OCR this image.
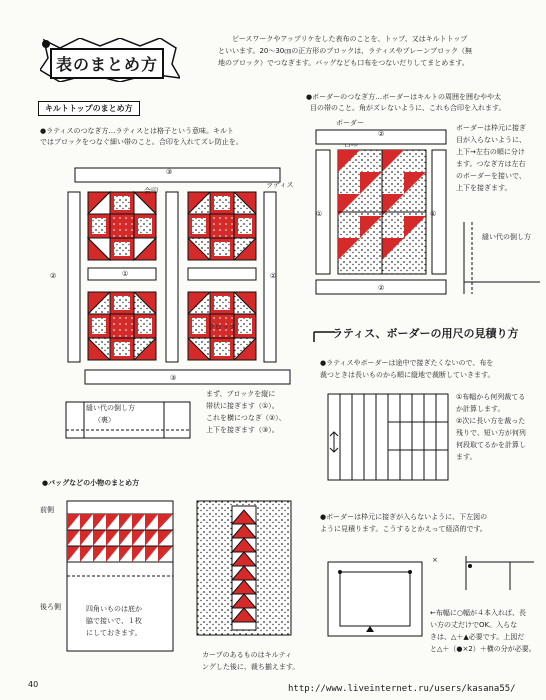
表のまとめ方
ピースワークやアップリケをした表布のことを、トップ、又はキルトトップ
といいます。20～30㎝の正方形のブロックは、ラティスやプレーンブロック（無
地のブロック）でつなぎます。バッグなども口布をつないだりしてまとめます。
キルトトップのまとめ方
●ラティスのつなぎ方…ラティスとは格子という意味。キルト
ではブロックをつなぐ細い帯のこと。合印を入れてズレ防止を。
③
合印
ラティス
②	②
①
ブロック
③
縫い代の倒し方
（裏）
まず、ブロックを縦に
帯状に接ぎます（①）。
これを横につなぎ（②）、
上下を接ぎます（③）。
●バッグなどの小物のまとめ方
前側
後ろ側	四角いものは底か
脇で接いで、１枚
にしておきます。
カーブのあるものはキルティ
ングした後に、裁ち揃えます。
●ボーダーのつなぎ方…ボーダーはキルトの周囲を囲むやや太
目の帯のこと。角がズレないように、これも合印を入れます。
ボーダー
①	①
②
②
ボーダーは枠元に接ぎ
目が入らないように、
上下→左右の順に分け
ます。つなぎ方は左右
のボーダーを接いで、
上下を接ぎます。
縫い代の倒し方
ラティス、ボーダーの用尺の見積り方
●ラティスやボーダーは途中で接ぎたくないので、布を
裁つときは長いものから順に縦地で裁断していきます。
①布幅から何列裁てる
か計算します。
②次に長い方を裁った
残りで、短い方が何列
何段取てるかを計算し
ます。
●ボーダーは枠元に接ぎが入らないように、下左図の
ように見積ります。こうするとかえって経済的です。
×
←布幅に○幅が４本入れば、長
い方の丈だけでOK。入らな
きは、△＋▲必要です。上図だ
と△＋（●×2）＋横の分が必要。
40	http://www.liveinternet.ru/users/kasana55/
